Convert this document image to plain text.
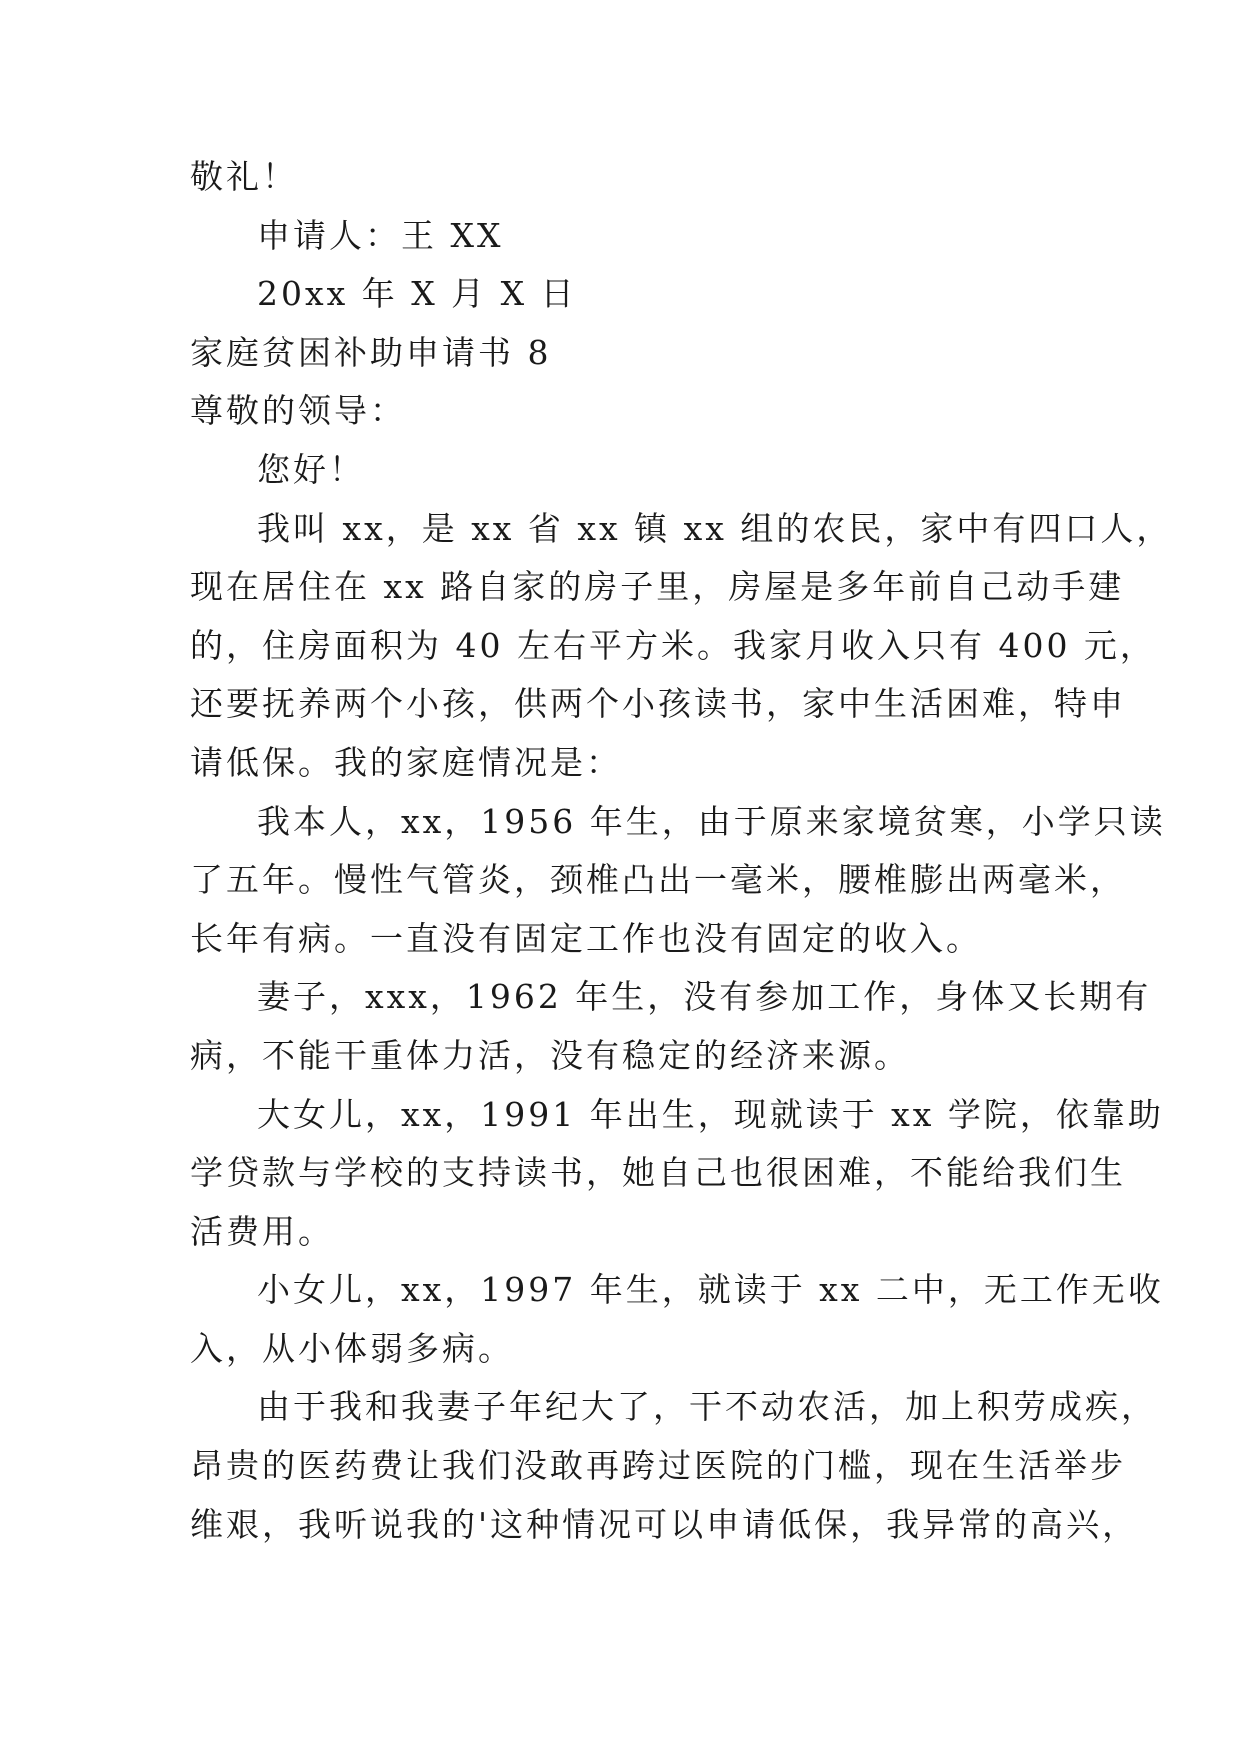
敬礼！
申请人：王 XX
20xx 年 X 月 X 日
家庭贫困补助申请书 8
尊敬的领导：
您好！
我叫 xx，是 xx 省 xx 镇 xx 组的农民，家中有四口人，
现在居住在 xx 路自家的房子里，房屋是多年前自己动手建
的，住房面积为 40 左右平方米。我家月收入只有 400 元，
还要抚养两个小孩，供两个小孩读书，家中生活困难，特申
请低保。我的家庭情况是：
我本人，xx，1956 年生，由于原来家境贫寒，小学只读
了五年。慢性气管炎，颈椎凸出一毫米，腰椎膨出两毫米，
长年有病。一直没有固定工作也没有固定的收入。
妻子，xxx，1962 年生，没有参加工作，身体又长期有
病，不能干重体力活，没有稳定的经济来源。
大女儿，xx，1991 年出生，现就读于 xx 学院，依靠助
学贷款与学校的支持读书，她自己也很困难，不能给我们生
活费用。
小女儿，xx，1997 年生，就读于 xx 二中，无工作无收
入，从小体弱多病。
由于我和我妻子年纪大了，干不动农活，加上积劳成疾，
昂贵的医药费让我们没敢再跨过医院的门槛，现在生活举步
维艰，我听说我的'这种情况可以申请低保，我异常的高兴，
